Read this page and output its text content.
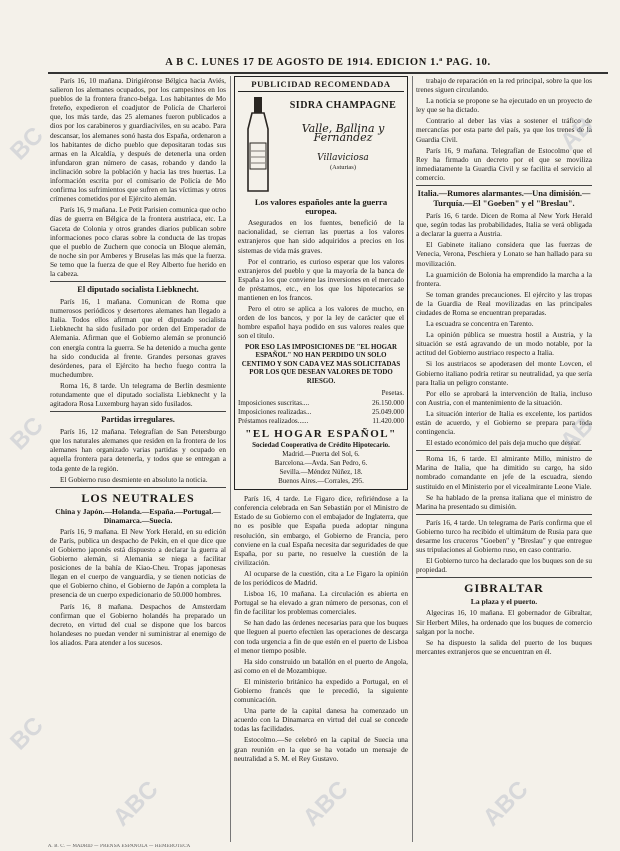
A B C. LUNES 17 DE AGOSTO DE 1914. EDICION 1.ª PAG. 10.

París 16, 10 mañana. Dirigiéronse Bélgica hacia Aviés, salieron los alemanes ocupados, por los campesinos en los pueblos de la frontera franco-belga. Los habitantes de Mo freteño, expedieron el coadjutor de Policía de Charleroi que, los más tarde, das 25 alemanes fueron publicados a dios por los carabineros y guardiaciviles, en su acabo. Para descansar, los alemanes sonó hasta dos España, ordenaron a los habitantes de dicho pueblo que depositaran todas sus armas en la Alcaldía, y después de detenerla una orden infundaron gran número de casas, robando y dando la inclinación sobre la población y hacia las tres huertas. La información escrita por el comisario de Policía de Mo confirma los sufrimientos que sufren en las víctimas y otros crímenes cometidos por el Ejército alemán.

París 16, 9 mañana. Le Petit Parisien comunica que ocho días de guerra en Bélgica de la frontera austriaca, etc. La Gaceta de Colonia y otros grandes diarios publican sobre informaciones poco claras sobre la conducta de las tropas que el pueblo de Zuchern que conocía un Bloque alemán, de noche sin por Amberes y Bruselas las más que la fuerza. Se temo que la fuerza de que el Rey Alberto fue herido en la cabeza.

El diputado socialista Liebknecht.

París 16, 1 mañana. Comunican de Roma que numerosos periódicos y desertores alemanes han llegado a Italia. Todos ellos afirman que el diputado socialista Liebknecht ha sido fusilado por orden del Emperador de Alemania. Afirman que el Gobierno alemán se pronunció con energía contra la guerra. Se ha detenido a mucha gente ha sido conducida al frente. Grandes personas graves desórdenes, para el Ejército ha hecho fuego contra la muchedumbre.

Roma 16, 8 tarde. Un telegrama de Berlín desmiente rotundamente que el diputado socialista Liebknecht y la agitadora Rosa Luxemburg hayan sido fusilados.

Partidas irregulares.

París 16, 12 mañana. Telegrafían de San Petersburgo que los naturales alemanes que residen en la frontera de los alemanes han organizado varias partidas y ocupado en aquella frontera para detenerla, y todos que se entregan a toda gente de la región.

El Gobierno ruso desmiente en absoluto la noticia.

LOS NEUTRALES
China y Japón.—Holanda.—España.—Portugal.—Dinamarca.—Suecia.

París 16, 9 mañana. El New York Herald, en su edición de París, publica un despacho de Pekín, en el que dice que el Gobierno japonés está dispuesto a declarar la guerra al Gobierno alemán, si Alemania se niega a facilitar posiciones de la bahía de Kiao-Cheu. Tropas japonesas llegan en el cuerpo de vanguardia, y se tienen noticias de que el Gobierno chino, el Gobierno de Japón a completa la presencia de un cuerpo expedicionario de 50.000 hombres.

París 16, 8 mañana. Despachos de Amsterdam confirman que el Gobierno holandés ha preparado un decreto, en virtud del cual se dispone que los barcos holandeses no puedan vender ni suministrar al enemigo de los aliados. Para atender a los sucesos.

PUBLICIDAD RECOMENDADA
SIDRA CHAMPAGNE
Valle, Ballina y Fernández
Villaviciosa
(Asturias)
Los valores españoles ante la guerra europea.

Asegurados en los fuentes, benefició de la nacionalidad, se cierran las puertas a los valores extranjeros que han sido adquiridos a precios en los sistemas de vida más graves.

Por el contrario, es curioso esperar que los valores extranjeros del pueblo y que la mayoría de la banca de España a los que conviene las inversiones en el mercado de préstamos, etc., en los que los hipotecarios se mantienen en los francos.

Pero el otro se aplica a los valores de mucho, en orden de los bancos, y por la ley de carácter que el hombre español haya podido en sus valores reales que son el título.

POR ESO LAS IMPOSICIONES DE "EL HOGAR ESPAÑOL" NO HAN PERDIDO UN SOLO CENTIMO Y SON CADA VEZ MAS SOLICITADAS POR LOS QUE DESEAN VALORES DE TODO RIESGO.
Pesetas.
Imposiciones suscritas....	26.150.000
Imposiciones realizadas...	25.049.000
Préstamos realizados......	11.420.000
"EL HOGAR ESPAÑOL"
Sociedad Cooperativa de Crédito Hipotecario.
Madrid.—Puerta del Sol, 6.
Barcelona.—Avda. San Pedro, 6.
Sevilla.—Méndez Núñez, 18.
Buenos Aires.—Corrales, 295.

París 16, 4 tarde. Le Figaro dice, refiriéndose a la conferencia celebrada en San Sebastián por el Ministro de Estado de su Gobierno con el embajador de Inglaterra, que no es posible que España pueda adoptar ninguna resolución, sin embargo, el Gobierno de Francia, pero conviene en la cual España necesita dar seguridades de que España, por su parte, no resuelve la cuestión de la civilización.

Al ocuparse de la cuestión, cita a Le Figaro la opinión de los periódicos de Madrid.

Lisboa 16, 10 mañana. La circulación es abierta en Portugal se ha elevado a gran número de personas, con el fin de facilitar los problemas comerciales.

Se han dado las órdenes necesarias para que los buques que lleguen al puerto efectúen las operaciones de descarga con toda urgencia a fin de que estén en el puerto de Lisboa el menor tiempo posible.

Ha sido construido un batallón en el puerto de Angola, así como en el de Mozambique.

El ministerio británico ha expedido a Portugal, en el Gobierno francés que le precedió, la siguiente comunicación.

Una parte de la capital danesa ha comenzado un acuerdo con la Dinamarca en virtud del cual se concede todas las facilidades.

Estocolmo.—Se celebró en la capital de Suecia una gran reunión en la que se ha votado un mensaje de neutralidad a S. M. el Rey Gustavo.

trabajo de reparación en la red principal, sobre la que los trenes siguen circulando.

La noticia se propone se ha ejecutado en un proyecto de ley que se ha dictado.

Contrario al deber las vías a sostener el tráfico de mercancías por esta parte del país, ya que los trenes de la Guardia Civil.

París 16, 9 mañana. Telegrafían de Estocolmo que el Rey ha firmado un decreto por el que se moviliza inmediatamente la Guardia Civil y se facilita el servicio al comercio.

Italia.—Rumores alarmantes.—Una dimisión.—Turquía.—El "Goeben" y el "Breslau".

París 16, 6 tarde. Dicen de Roma al New York Herald que, según todas las probabilidades, Italia se verá obligada a declarar la guerra a Austria.

El Gabinete italiano considera que las fuerzas de Venecia, Verona, Peschiera y Lonato se han hallado para su movilización.

La guarnición de Bolonia ha emprendido la marcha a la frontera.

Se toman grandes precauciones. El ejército y las tropas de la Guardia de Real movilizadas en las principales ciudades de Roma se encuentran preparadas.

La escuadra se concentra en Tarento.

La opinión pública se muestra hostil a Austria, y la situación se está agravando de un modo notable, por la actitud del Gobierno austriaco respecto a Italia.

Si los austriacos se apoderasen del monte Lovcen, el Gobierno italiano podría retirar su neutralidad, ya que sería para Italia un peligro constante.

Por ello se aprobará la intervención de Italia, incluso con Austria, con el mantenimiento de la situación.

La situación interior de Italia es excelente, los partidos están de acuerdo, y el Gobierno se prepara para toda contingencia.

El estado económico del país deja mucho que desear.

Roma 16, 6 tarde. El almirante Millo, ministro de Marina de Italia, que ha dimitido su cargo, ha sido nombrado comandante en jefe de la escuadra, siendo sustituido en el Ministerio por el vicealmirante Leone Viale.

Se ha hablado de la prensa italiana que el ministro de Marina ha presentado su dimisión.

París 16, 4 tarde. Un telegrama de París confirma que el Gobierno turco ha recibido el ultimátum de Rusia para que desarme los cruceros "Goeben" y "Breslau" y que entregue sus tripulaciones al Gobierno ruso, en caso contrario.

El Gobierno turco ha declarado que los buques son de su propiedad.

GIBRALTAR
La plaza y el puerto.

Algeciras 16, 10 mañana. El gobernador de Gibraltar, Sir Herbert Miles, ha ordenado que los buques de comercio salgan por la noche.

Se ha dispuesto la salida del puerto de los buques mercantes extranjeros que se encuentran en él.

BC
BC
BC
ABC	ABC	ABC
AB
AB
A. B. C. — MADRID — PRENSA ESPAÑOLA — HEMEROTECA
